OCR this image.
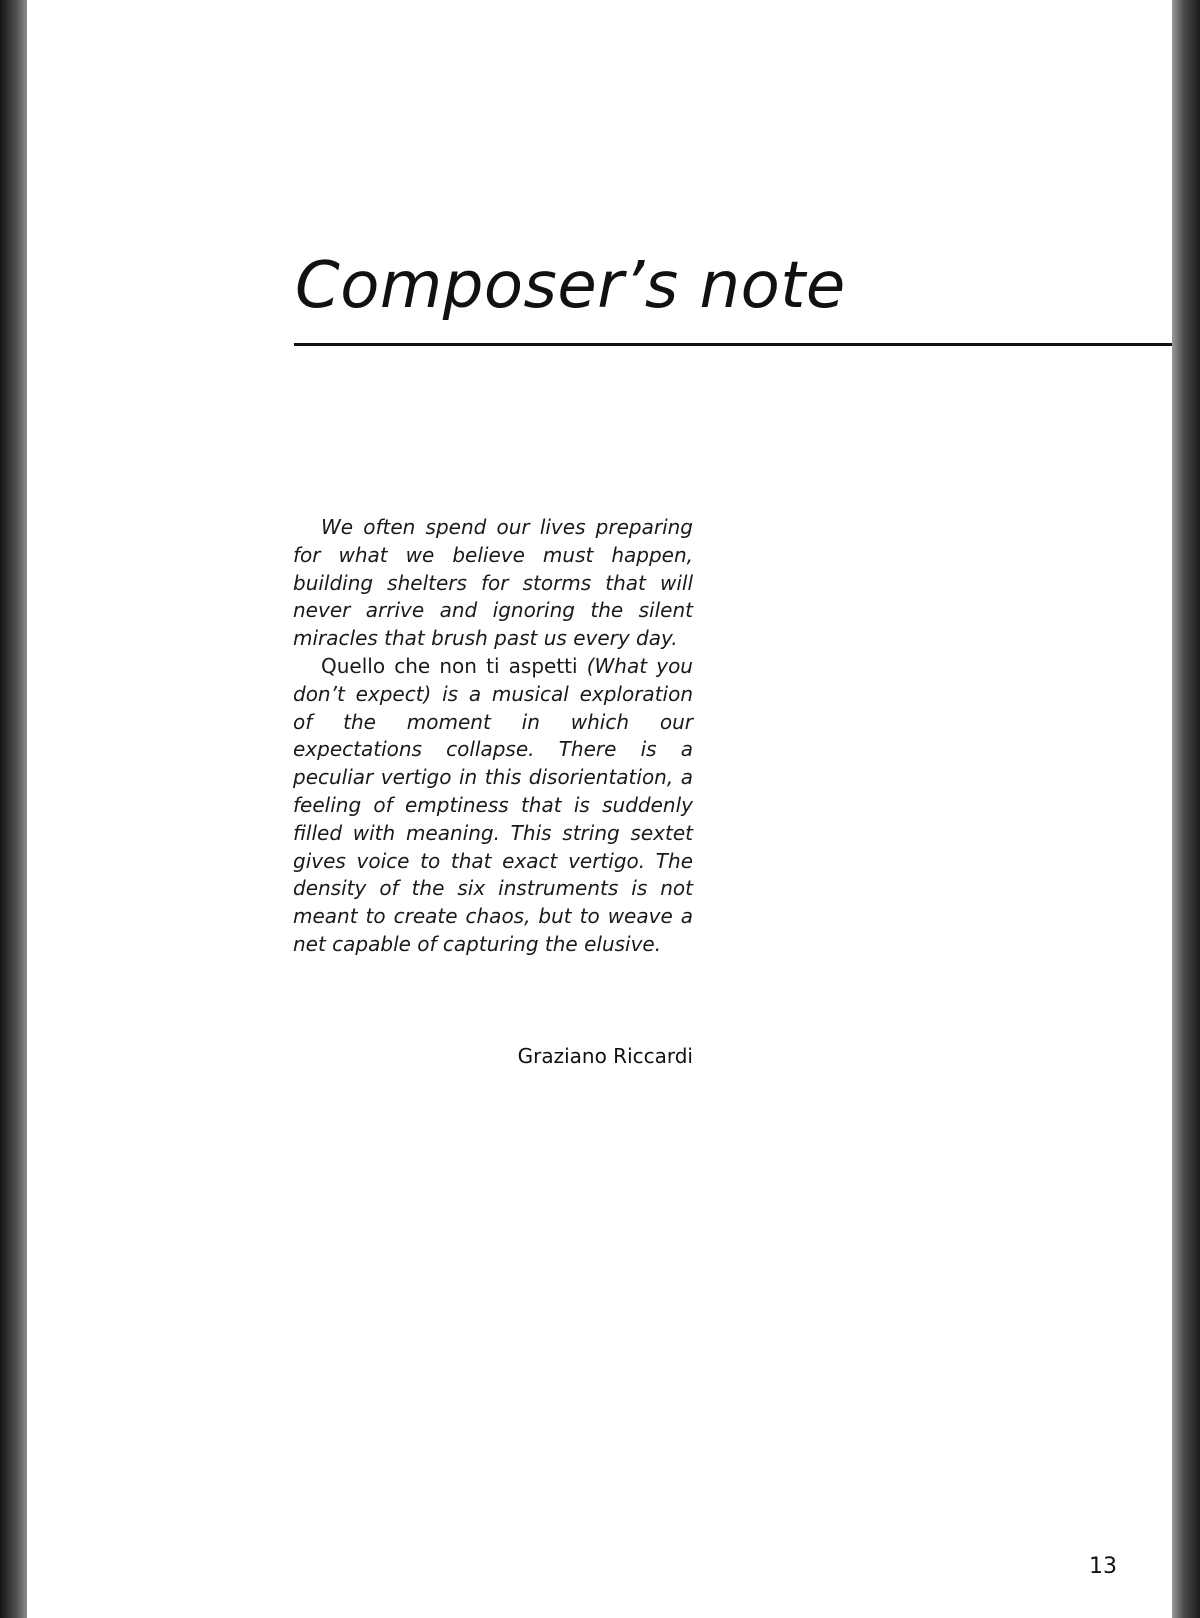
Composer’s note

We often spend our lives preparing for what we believe must happen, building shelters for storms that will never arrive and ignoring the silent miracles that brush past us every day.

Quello che non ti aspetti (What you don’t expect) is a musical exploration of the moment in which our expectations collapse. There is a peculiar vertigo in this disorientation, a feeling of emptiness that is suddenly filled with meaning. This string sextet gives voice to that exact vertigo. The density of the six instruments is not meant to create chaos, but to weave a net capable of capturing the elusive.

Graziano Riccardi
13
